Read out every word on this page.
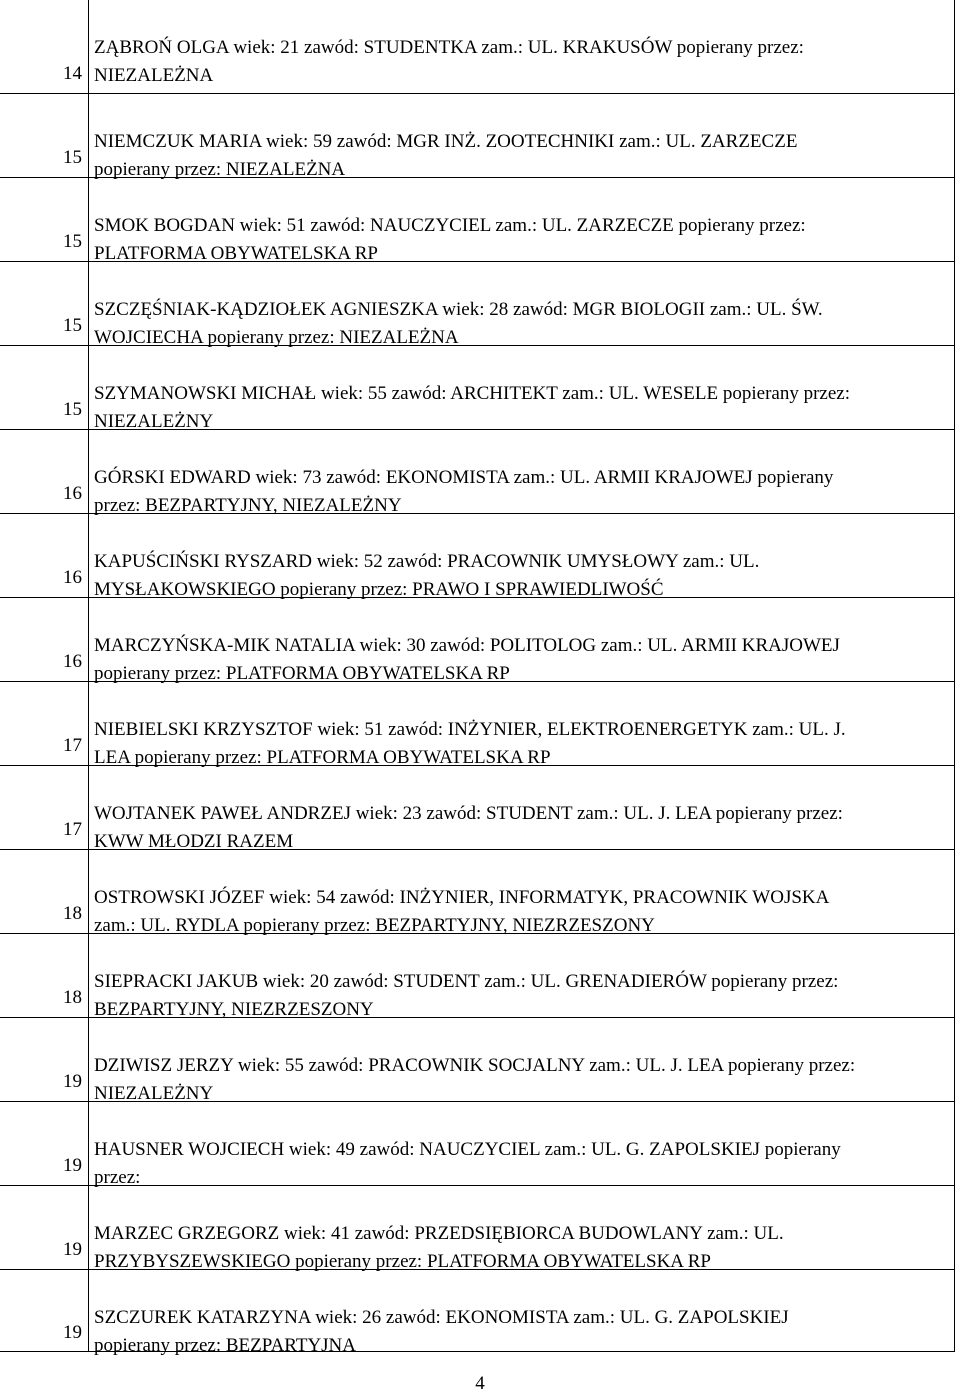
14
ZĄBROŃ OLGA wiek: 21 zawód: STUDENTKA zam.: UL. KRAKUSÓW popierany przez:
NIEZALEŻNA
15
NIEMCZUK MARIA wiek: 59 zawód: MGR INŻ. ZOOTECHNIKI zam.: UL. ZARZECZE
popierany przez: NIEZALEŻNA
15
SMOK BOGDAN wiek: 51 zawód: NAUCZYCIEL zam.: UL. ZARZECZE popierany przez:
PLATFORMA OBYWATELSKA RP
15
SZCZĘŚNIAK-KĄDZIOŁEK AGNIESZKA wiek: 28 zawód: MGR BIOLOGII zam.: UL. ŚW.
WOJCIECHA popierany przez: NIEZALEŻNA
15
SZYMANOWSKI MICHAŁ wiek: 55 zawód: ARCHITEKT zam.: UL. WESELE popierany przez:
NIEZALEŻNY
16
GÓRSKI EDWARD wiek: 73 zawód: EKONOMISTA zam.: UL. ARMII KRAJOWEJ popierany
przez: BEZPARTYJNY, NIEZALEŻNY
16
KAPUŚCIŃSKI RYSZARD wiek: 52 zawód: PRACOWNIK UMYSŁOWY zam.: UL.
MYSŁAKOWSKIEGO popierany przez: PRAWO I SPRAWIEDLIWOŚĆ
16
MARCZYŃSKA-MIK NATALIA wiek: 30 zawód: POLITOLOG zam.: UL. ARMII KRAJOWEJ
popierany przez: PLATFORMA OBYWATELSKA RP
17
NIEBIELSKI KRZYSZTOF wiek: 51 zawód: INŻYNIER, ELEKTROENERGETYK zam.: UL. J.
LEA popierany przez: PLATFORMA OBYWATELSKA RP
17
WOJTANEK PAWEŁ ANDRZEJ wiek: 23 zawód: STUDENT zam.: UL. J. LEA popierany przez:
KWW MŁODZI RAZEM
18
OSTROWSKI JÓZEF wiek: 54 zawód: INŻYNIER, INFORMATYK, PRACOWNIK WOJSKA
zam.: UL. RYDLA popierany przez: BEZPARTYJNY, NIEZRZESZONY
18
SIEPRACKI JAKUB wiek: 20 zawód: STUDENT zam.: UL. GRENADIERÓW popierany przez:
BEZPARTYJNY, NIEZRZESZONY
19
DZIWISZ JERZY wiek: 55 zawód: PRACOWNIK SOCJALNY zam.: UL. J. LEA popierany przez:
NIEZALEŻNY
19
HAUSNER WOJCIECH wiek: 49 zawód: NAUCZYCIEL zam.: UL. G. ZAPOLSKIEJ popierany
przez:
19
MARZEC GRZEGORZ wiek: 41 zawód: PRZEDSIĘBIORCA BUDOWLANY zam.: UL.
PRZYBYSZEWSKIEGO popierany przez: PLATFORMA OBYWATELSKA RP
19
SZCZUREK KATARZYNA wiek: 26 zawód: EKONOMISTA zam.: UL. G. ZAPOLSKIEJ
popierany przez: BEZPARTYJNA
4
